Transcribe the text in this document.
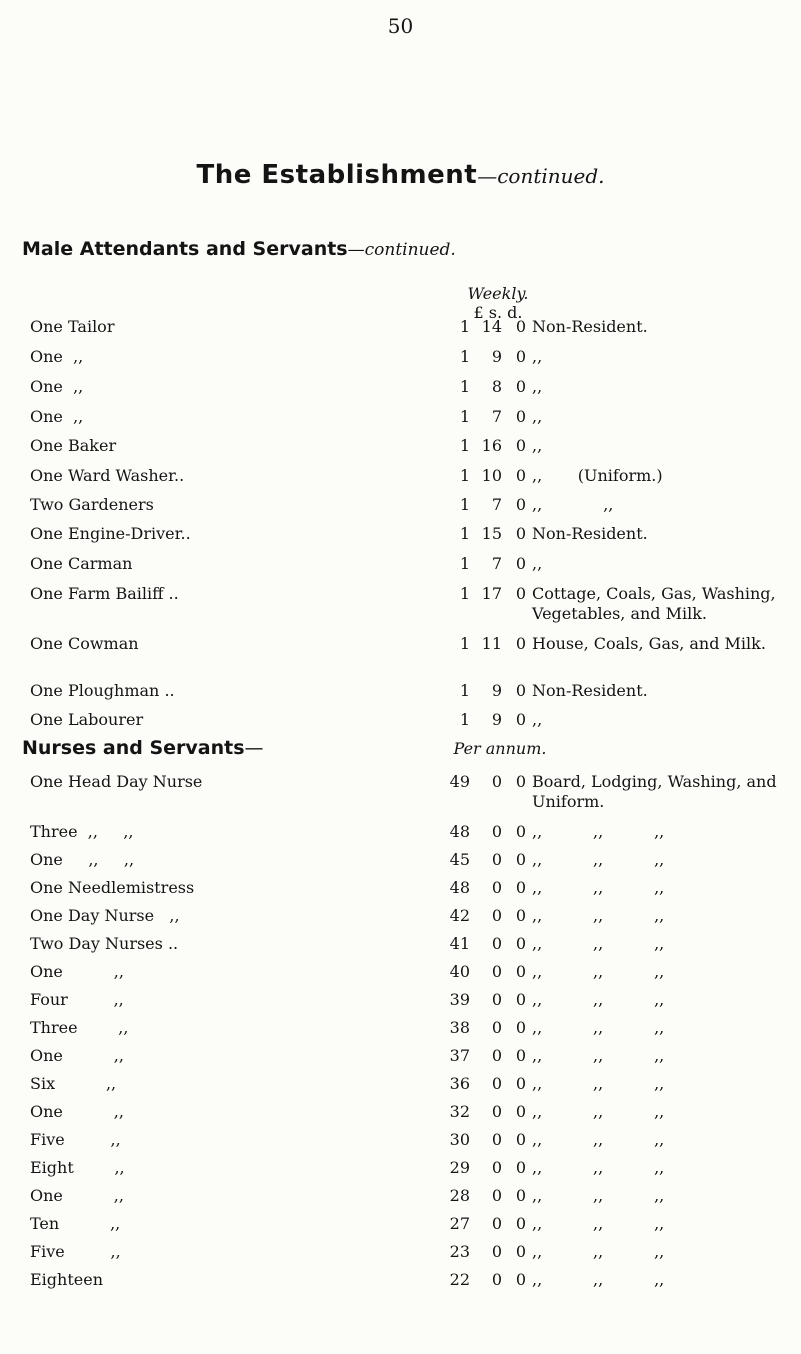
50
The Establishment—continued.
Male Attendants and Servants—continued.
Weekly.
£ s. d.
One Tailor	1 14 0 Non-Resident.
One  ,,	1	9 0 ,,
One  ,,	1	8 0 ,,
One  ,,	1	7 0 ,,
One Baker	1 16 0 ,,
One Ward Washer..	1 10 0 ,,       (Uniform.)
Two Gardeners	1	7 0 ,,            ,,
One Engine-Driver..	1 15 0 Non-Resident.
One Carman	1	7 0 ,,
One Farm Bailiff ..	1 17 0 Cottage, Coals, Gas, Washing, Vegetables, and Milk.
One Cowman	1 11 0 House, Coals, Gas, and Milk.
One Ploughman ..	1	9 0 Non-Resident.
One Labourer	1	9 0 ,,
Nurses and Servants—	Per annum.
One Head Day Nurse	49	0 0 Board, Lodging, Washing, and Uniform.
Three  ,,     ,,	48	0 0 ,,          ,,          ,,
One     ,,     ,,	45	0 0 ,,          ,,          ,,
One Needlemistress	48	0 0 ,,          ,,          ,,
One Day Nurse   ,,	42	0 0 ,,          ,,          ,,
Two Day Nurses ..	41	0 0 ,,          ,,          ,,
One          ,,	40	0 0 ,,          ,,          ,,
Four         ,,	39	0 0 ,,          ,,          ,,
Three        ,,	38	0 0 ,,          ,,          ,,
One          ,,	37	0 0 ,,          ,,          ,,
Six          ,,	36	0 0 ,,          ,,          ,,
One          ,,	32	0 0 ,,          ,,          ,,
Five         ,,	30	0 0 ,,          ,,          ,,
Eight        ,,	29	0 0 ,,          ,,          ,,
One          ,,	28	0 0 ,,          ,,          ,,
Ten          ,,	27	0 0 ,,          ,,          ,,
Five         ,,	23	0 0 ,,          ,,          ,,
Eighteen	22	0 0 ,,          ,,          ,,
